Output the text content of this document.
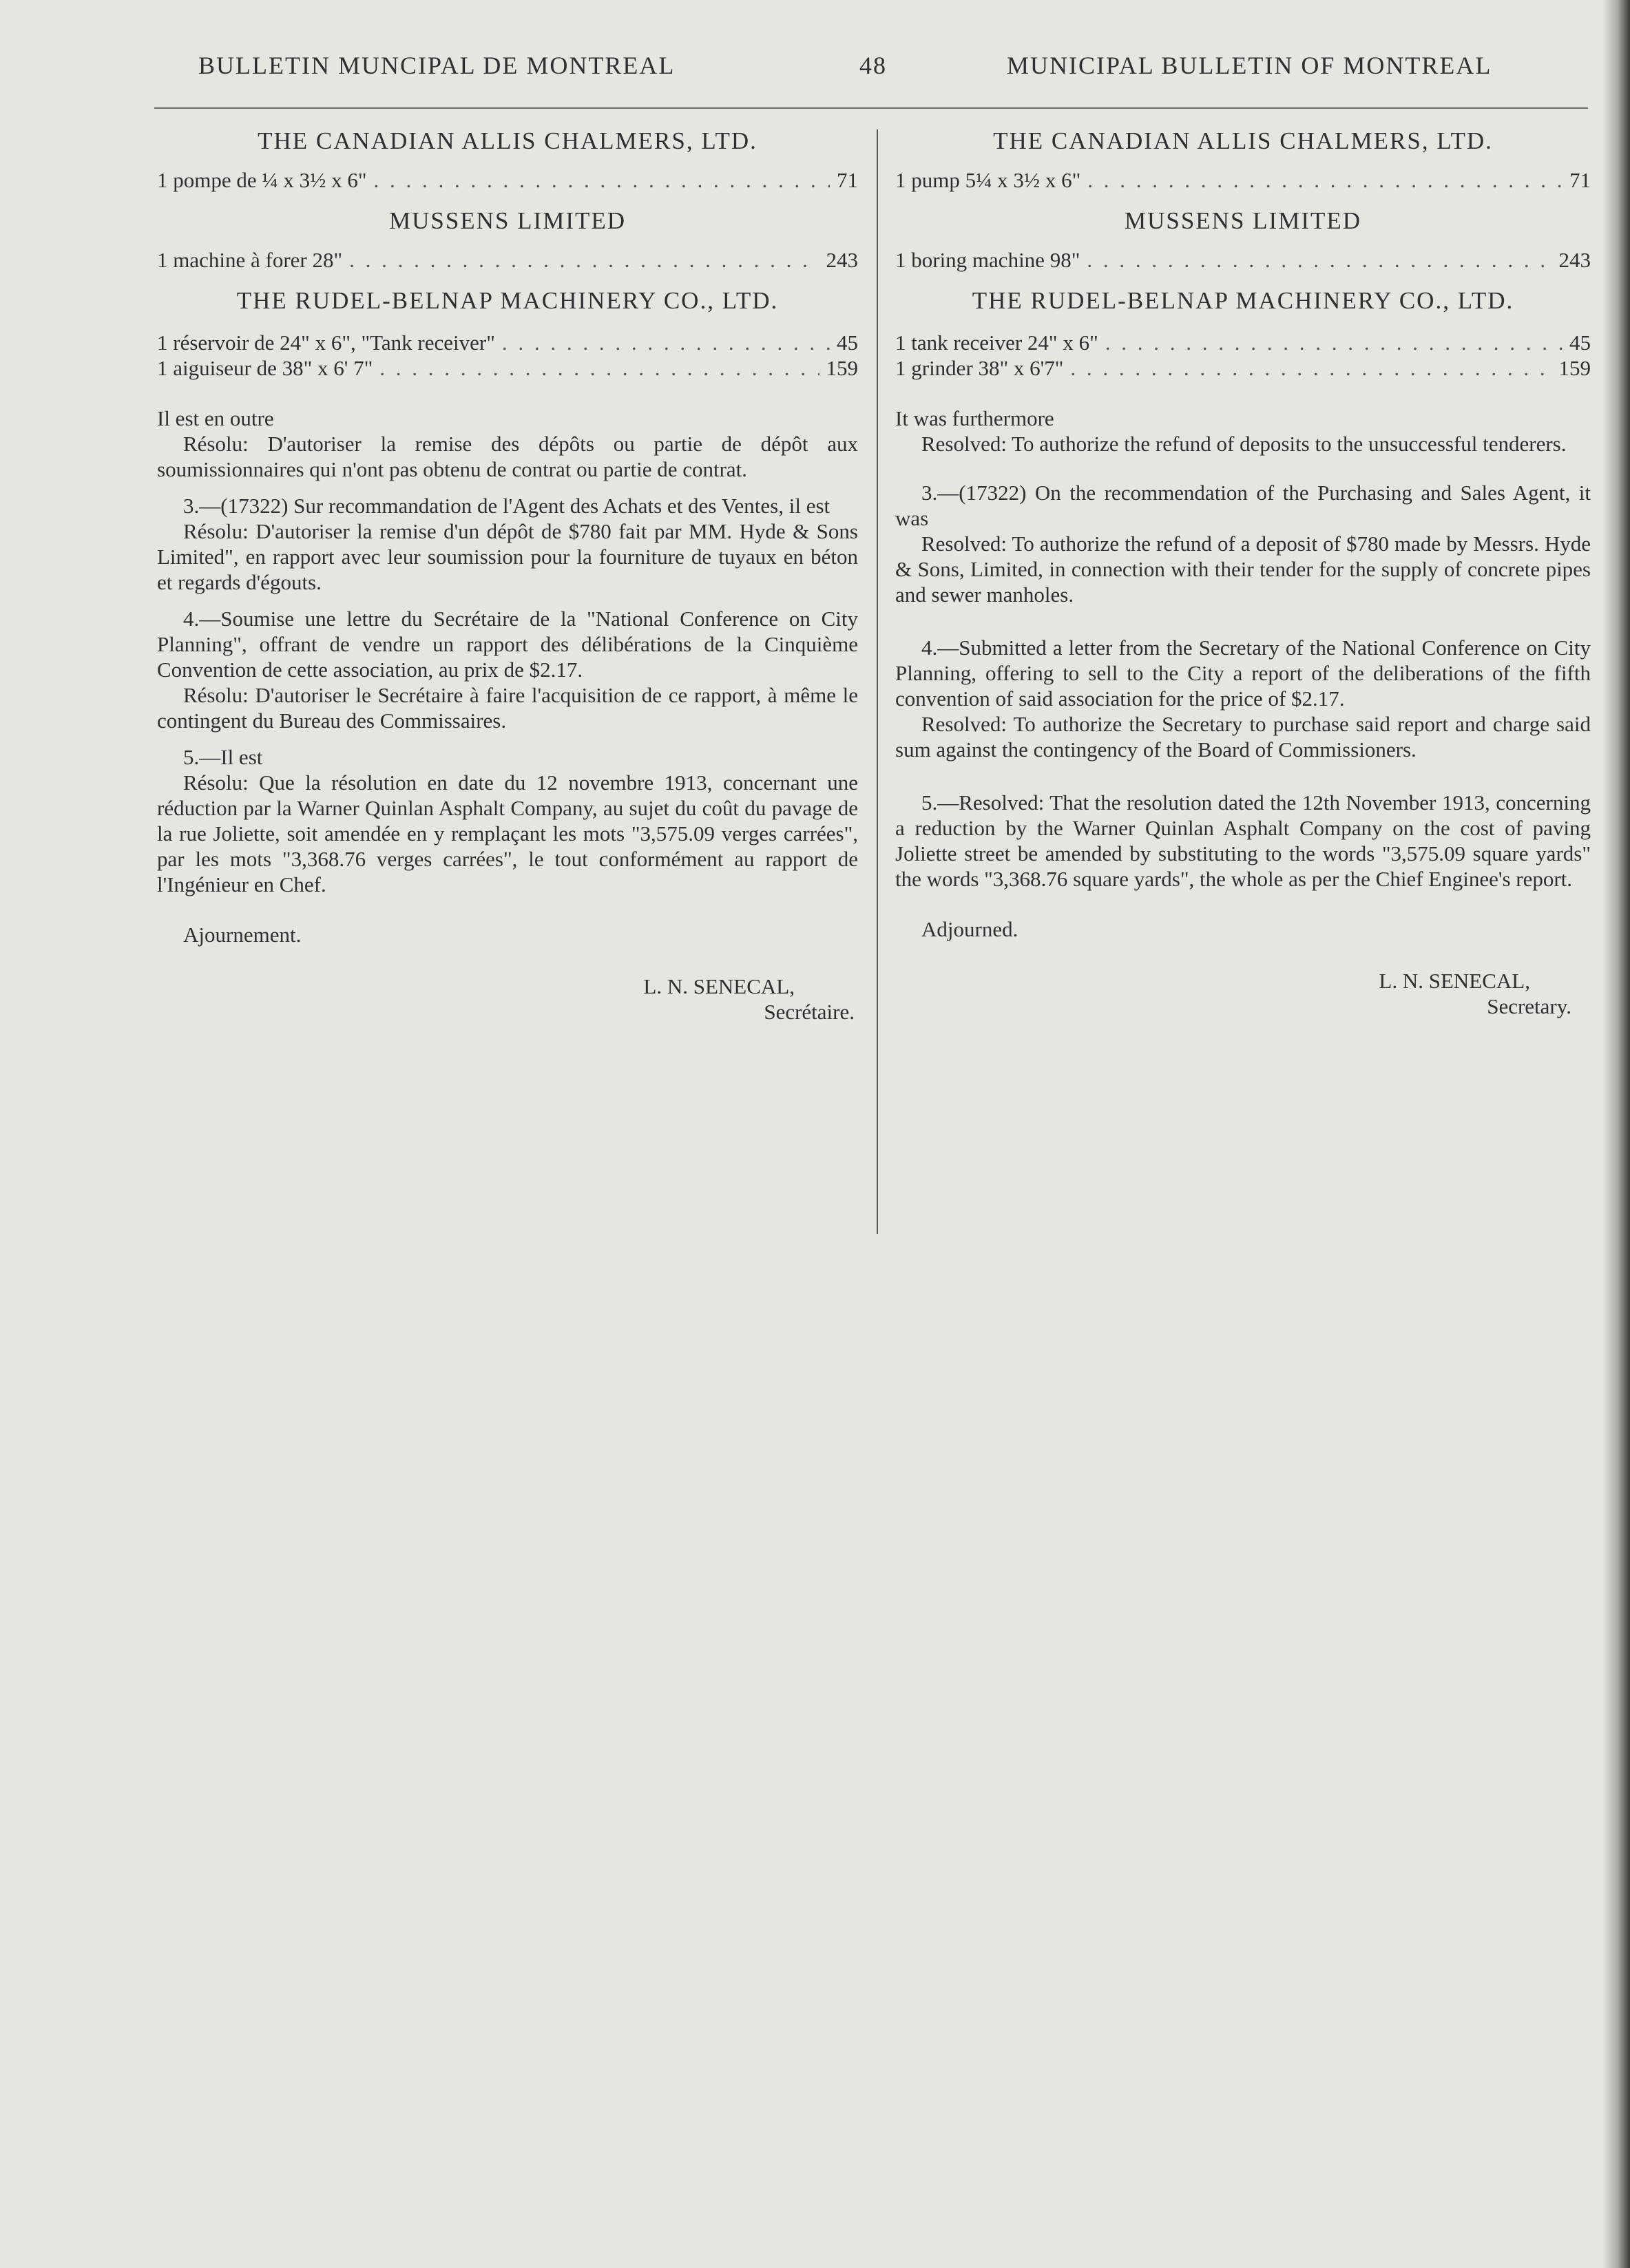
BULLETIN MUNCIPAL DE MONTREAL	48	MUNICIPAL BULLETIN OF MONTREAL

THE CANADIAN ALLIS CHALMERS, LTD.

1 pompe de ¼ x 3½ x 6" . . .	71

MUSSENS LIMITED

1 machine à forer 28" . . .	243

THE RUDEL-BELNAP MACHINERY CO., LTD.

1 réservoir de 24" x 6", "Tank receiver" . . .	45

1 aiguiseur de 38" x 6' 7" . . .	159

Il est en outre

Résolu: D'autoriser la remise des dépôts ou partie de dépôt aux soumissionnaires qui n'ont pas obtenu de contrat ou partie de contrat.

3.—(17322) Sur recommandation de l'Agent des Achats et des Ventes, il est

Résolu: D'autoriser la remise d'un dépôt de $780 fait par MM. Hyde & Sons Limited", en rapport avec leur soumission pour la fourniture de tuyaux en béton et regards d'égouts.

4.—Soumise une lettre du Secrétaire de la "National Conference on City Planning", offrant de vendre un rapport des délibérations de la Cinquième Convention de cette association, au prix de $2.17.

Résolu: D'autoriser le Secrétaire à faire l'acquisition de ce rapport, à même le contingent du Bureau des Commissaires.

5.—Il est

Résolu: Que la résolution en date du 12 novembre 1913, concernant une réduction par la Warner Quinlan Asphalt Company, au sujet du coût du pavage de la rue Joliette, soit amendée en y remplaçant les mots "3,575.09 verges carrées", par les mots "3,368.76 verges carrées", le tout conformément au rapport de l'Ingénieur en Chef.

Ajournement.

L. N. SENECAL,

Secrétaire.

THE CANADIAN ALLIS CHALMERS, LTD.

1 pump 5¼ x 3½ x 6" . . .	71

MUSSENS LIMITED

1 boring machine 98" . . .	243

THE RUDEL-BELNAP MACHINERY CO., LTD.

1 tank receiver 24" x 6" . . .	45

1 grinder 38" x 6'7" . . .	159

It was furthermore

Resolved: To authorize the refund of deposits to the unsuccessful tenderers.

3.—(17322) On the recommendation of the Purchasing and Sales Agent, it was

Resolved: To authorize the refund of a deposit of $780 made by Messrs. Hyde & Sons, Limited, in connection with their tender for the supply of concrete pipes and sewer manholes.

4.—Submitted a letter from the Secretary of the National Conference on City Planning, offering to sell to the City a report of the deliberations of the fifth convention of said association for the price of $2.17.

Resolved: To authorize the Secretary to purchase said report and charge said sum against the contingency of the Board of Commissioners.

5.—Resolved: That the resolution dated the 12th November 1913, concerning a reduction by the Warner Quinlan Asphalt Company on the cost of paving Joliette street be amended by substituting to the words "3,575.09 square yards" the words "3,368.76 square yards", the whole as per the Chief Enginee's report.

Adjourned.

L. N. SENECAL,

Secretary.
